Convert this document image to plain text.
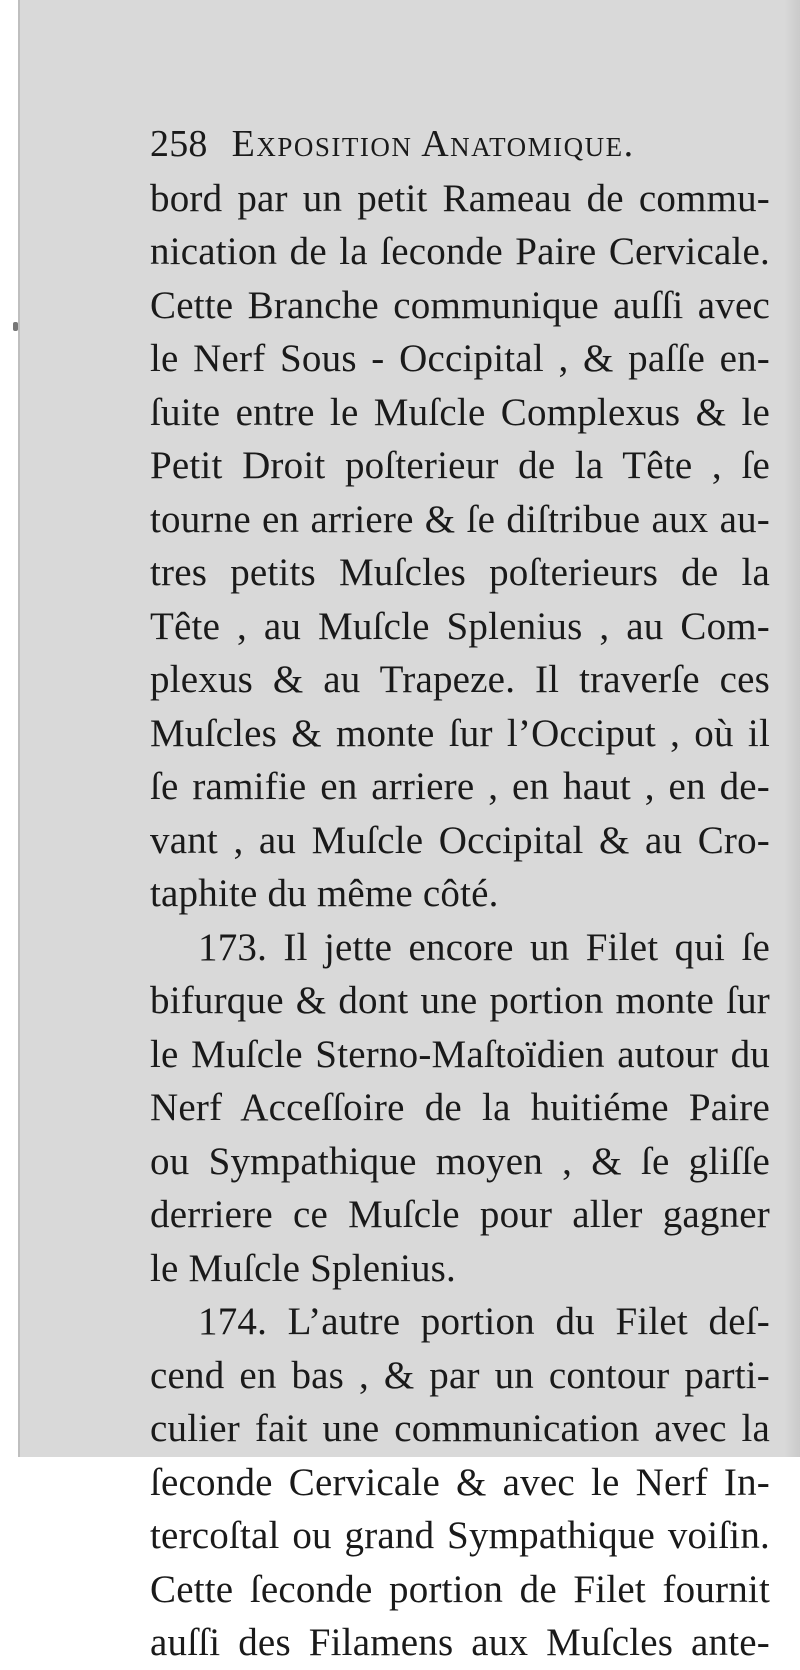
258 Exposition Anatomique.
bord par un petit Rameau de commu-
nication de la ſeconde Paire Cervicale.
Cette Branche communique auſſi avec
le Nerf Sous - Occipital , & paſſe en-
ſuite entre le Muſcle Complexus & le
Petit Droit poſterieur de la Tête , ſe
tourne en arriere & ſe diſtribue aux au-
tres petits Muſcles poſterieurs de la
Tête , au Muſcle Splenius , au Com-
plexus & au Trapeze. Il traverſe ces
Muſcles & monte ſur l’Occiput , où il
ſe ramifie en arriere , en haut , en de-
vant , au Muſcle Occipital & au Cro-
taphite du même côté.
173. Il jette encore un Filet qui ſe
bifurque & dont une portion monte ſur
le Muſcle Sterno-Maſtoïdien autour du
Nerf Acceſſoire de la huitiéme Paire
ou Sympathique moyen , & ſe gliſſe
derriere ce Muſcle pour aller gagner
le Muſcle Splenius.
174. L’autre portion du Filet deſ-
cend en bas , & par un contour parti-
culier fait une communication avec la
ſeconde Cervicale & avec le Nerf In-
tercoſtal ou grand Sympathique voiſin.
Cette ſeconde portion de Filet fournit
auſſi des Filamens aux Muſcles ante-
